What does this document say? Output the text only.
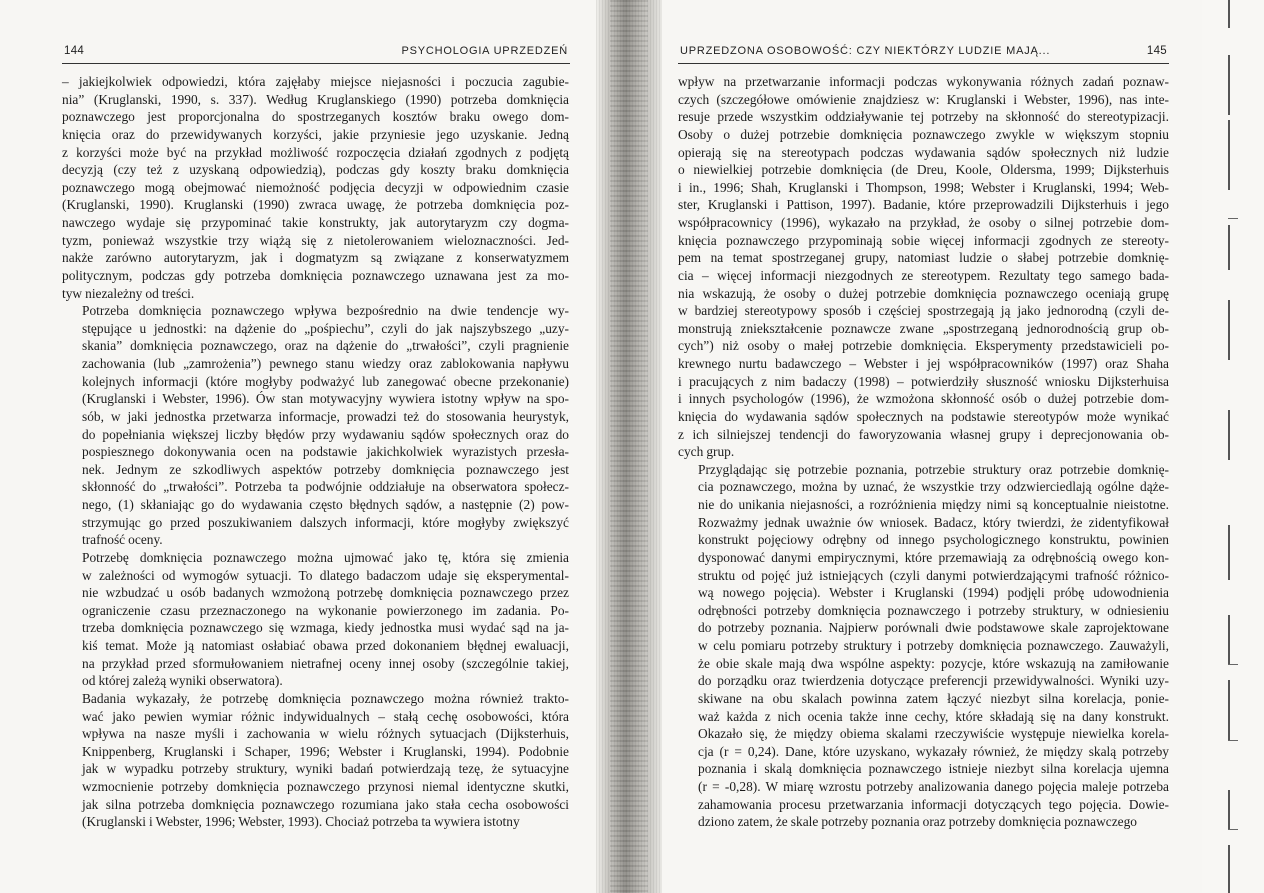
144	PSYCHOLOGIA UPRZEDZEŃ

– jakiejkolwiek odpowiedzi, która zajęłaby miejsce niejasności i poczucia zagubie-
nia” (Kruglanski, 1990, s. 337). Według Kruglanskiego (1990) potrzeba domknięcia
poznawczego jest proporcjonalna do spostrzeganych kosztów braku owego dom-
knięcia oraz do przewidywanych korzyści, jakie przyniesie jego uzyskanie. Jedną
z korzyści może być na przykład możliwość rozpoczęcia działań zgodnych z podjętą
decyzją (czy też z uzyskaną odpowiedzią), podczas gdy koszty braku domknięcia
poznawczego mogą obejmować niemożność podjęcia decyzji w odpowiednim czasie
(Kruglanski, 1990). Kruglanski (1990) zwraca uwagę, że potrzeba domknięcia poz-
nawczego wydaje się przypominać takie konstrukty, jak autorytaryzm czy dogma-
tyzm, ponieważ wszystkie trzy wiążą się z nietolerowaniem wieloznaczności. Jed-
nakże zarówno autorytaryzm, jak i dogmatyzm są związane z konserwatyzmem
politycznym, podczas gdy potrzeba domknięcia poznawczego uznawana jest za mo-
tyw niezależny od treści.

Potrzeba domknięcia poznawczego wpływa bezpośrednio na dwie tendencje wy-
stępujące u jednostki: na dążenie do „pośpiechu”, czyli do jak najszybszego „uzy-
skania” domknięcia poznawczego, oraz na dążenie do „trwałości”, czyli pragnienie
zachowania (lub „zamrożenia”) pewnego stanu wiedzy oraz zablokowania napływu
kolejnych informacji (które mogłyby podważyć lub zanegować obecne przekonanie)
(Kruglanski i Webster, 1996). Ów stan motywacyjny wywiera istotny wpływ na spo-
sób, w jaki jednostka przetwarza informacje, prowadzi też do stosowania heurystyk,
do popełniania większej liczby błędów przy wydawaniu sądów społecznych oraz do
pospiesznego dokonywania ocen na podstawie jakichkolwiek wyrazistych przesła-
nek. Jednym ze szkodliwych aspektów potrzeby domknięcia poznawczego jest
skłonność do „trwałości”. Potrzeba ta podwójnie oddziałuje na obserwatora społecz-
nego, (1) skłaniając go do wydawania często błędnych sądów, a następnie (2) pow-
strzymując go przed poszukiwaniem dalszych informacji, które mogłyby zwiększyć
trafność oceny.

Potrzebę domknięcia poznawczego można ujmować jako tę, która się zmienia
w zależności od wymogów sytuacji. To dlatego badaczom udaje się eksperymental-
nie wzbudzać u osób badanych wzmożoną potrzebę domknięcia poznawczego przez
ograniczenie czasu przeznaczonego na wykonanie powierzonego im zadania. Po-
trzeba domknięcia poznawczego się wzmaga, kiedy jednostka musi wydać sąd na ja-
kiś temat. Może ją natomiast osłabiać obawa przed dokonaniem błędnej ewaluacji,
na przykład przed sformułowaniem nietrafnej oceny innej osoby (szczególnie takiej,
od której zależą wyniki obserwatora).

Badania wykazały, że potrzebę domknięcia poznawczego można również trakto-
wać jako pewien wymiar różnic indywidualnych – stałą cechę osobowości, która
wpływa na nasze myśli i zachowania w wielu różnych sytuacjach (Dijksterhuis,
Knippenberg, Kruglanski i Schaper, 1996; Webster i Kruglanski, 1994). Podobnie
jak w wypadku potrzeby struktury, wyniki badań potwierdzają tezę, że sytuacyjne
wzmocnienie potrzeby domknięcia poznawczego przynosi niemal identyczne skutki,
jak silna potrzeba domknięcia poznawczego rozumiana jako stała cecha osobowości
(Kruglanski i Webster, 1996; Webster, 1993). Chociaż potrzeba ta wywiera istotny

UPRZEDZONA OSOBOWOŚĆ: CZY NIEKTÓRZY LUDZIE MAJĄ...	145

wpływ na przetwarzanie informacji podczas wykonywania różnych zadań poznaw-
czych (szczegółowe omówienie znajdziesz w: Kruglanski i Webster, 1996), nas inte-
resuje przede wszystkim oddziaływanie tej potrzeby na skłonność do stereotypizacji.
Osoby o dużej potrzebie domknięcia poznawczego zwykle w większym stopniu
opierają się na stereotypach podczas wydawania sądów społecznych niż ludzie
o niewielkiej potrzebie domknięcia (de Dreu, Koole, Oldersma, 1999; Dijksterhuis
i in., 1996; Shah, Kruglanski i Thompson, 1998; Webster i Kruglanski, 1994; Web-
ster, Kruglanski i Pattison, 1997). Badanie, które przeprowadzili Dijksterhuis i jego
współpracownicy (1996), wykazało na przykład, że osoby o silnej potrzebie dom-
knięcia poznawczego przypominają sobie więcej informacji zgodnych ze stereoty-
pem na temat spostrzeganej grupy, natomiast ludzie o słabej potrzebie domknię-
cia – więcej informacji niezgodnych ze stereotypem. Rezultaty tego samego bada-
nia wskazują, że osoby o dużej potrzebie domknięcia poznawczego oceniają grupę
w bardziej stereotypowy sposób i częściej spostrzegają ją jako jednorodną (czyli de-
monstrują zniekształcenie poznawcze zwane „spostrzeganą jednorodnością grup ob-
cych”) niż osoby o małej potrzebie domknięcia. Eksperymenty przedstawicieli po-
krewnego nurtu badawczego – Webster i jej współpracowników (1997) oraz Shaha
i pracujących z nim badaczy (1998) – potwierdziły słuszność wniosku Dijksterhuisa
i innych psychologów (1996), że wzmożona skłonność osób o dużej potrzebie dom-
knięcia do wydawania sądów społecznych na podstawie stereotypów może wynikać
z ich silniejszej tendencji do faworyzowania własnej grupy i deprecjonowania ob-
cych grup.

Przyglądając się potrzebie poznania, potrzebie struktury oraz potrzebie domknię-
cia poznawczego, można by uznać, że wszystkie trzy odzwierciedlają ogólne dąże-
nie do unikania niejasności, a rozróżnienia między nimi są konceptualnie nieistotne.
Rozważmy jednak uważnie ów wniosek. Badacz, który twierdzi, że zidentyfikował
konstrukt pojęciowy odrębny od innego psychologicznego konstruktu, powinien
dysponować danymi empirycznymi, które przemawiają za odrębnością owego kon-
struktu od pojęć już istniejących (czyli danymi potwierdzającymi trafność różnico-
wą nowego pojęcia). Webster i Kruglanski (1994) podjęli próbę udowodnienia
odrębności potrzeby domknięcia poznawczego i potrzeby struktury, w odniesieniu
do potrzeby poznania. Najpierw porównali dwie podstawowe skale zaprojektowane
w celu pomiaru potrzeby struktury i potrzeby domknięcia poznawczego. Zauważyli,
że obie skale mają dwa wspólne aspekty: pozycje, które wskazują na zamiłowanie
do porządku oraz twierdzenia dotyczące preferencji przewidywalności. Wyniki uzy-
skiwane na obu skalach powinna zatem łączyć niezbyt silna korelacja, ponie-
waż każda z nich ocenia także inne cechy, które składają się na dany konstrukt.
Okazało się, że między obiema skalami rzeczywiście występuje niewielka korela-
cja (r = 0,24). Dane, które uzyskano, wykazały również, że między skalą potrzeby
poznania i skalą domknięcia poznawczego istnieje niezbyt silna korelacja ujemna
(r = -0,28). W miarę wzrostu potrzeby analizowania danego pojęcia maleje potrzeba
zahamowania procesu przetwarzania informacji dotyczących tego pojęcia. Dowie-
dziono zatem, że skale potrzeby poznania oraz potrzeby domknięcia poznawczego
